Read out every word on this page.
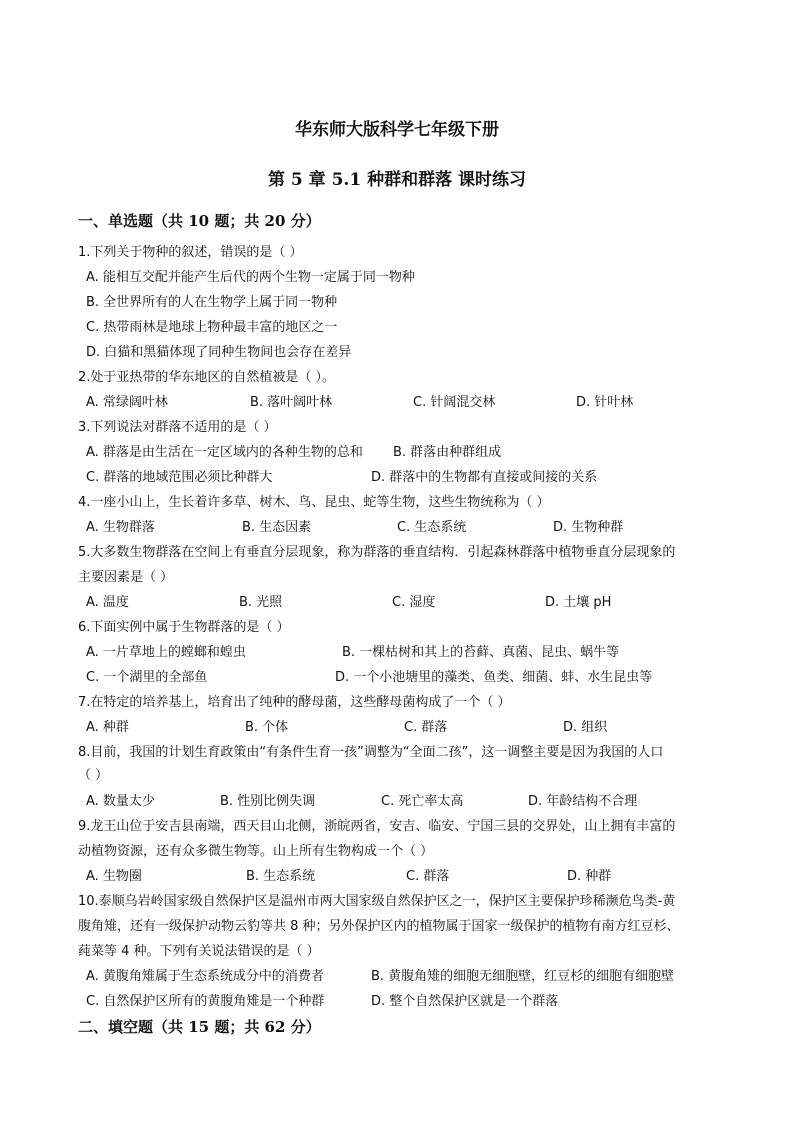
华东师大版科学七年级下册
第 5 章 5.1 种群和群落 课时练习
一、单选题（共 10 题；共 20 分）
1.下列关于物种的叙述，错误的是（ ）
A. 能相互交配并能产生后代的两个生物一定属于同一物种
B. 全世界所有的人在生物学上属于同一物种
C. 热带雨林是地球上物种最丰富的地区之一
D. 白猫和黑猫体现了同种生物间也会存在差异
2.处于亚热带的华东地区的自然植被是（ ）。
A. 常绿阔叶林	B. 落叶阔叶林	C. 针阔混交林	D. 针叶林
3.下列说法对群落不适用的是（ ）
A. 群落是由生活在一定区域内的各种生物的总和 B. 群落由种群组成
C. 群落的地域范围必须比种群大	D. 群落中的生物都有直接或间接的关系
4.一座小山上，生长着许多草、树木、鸟、昆虫、蛇等生物，这些生物统称为（ ）
A. 生物群落	B. 生态因素	C. 生态系统	D. 生物种群
5.大多数生物群落在空间上有垂直分层现象，称为群落的垂直结构．引起森林群落中植物垂直分层现象的
主要因素是（ ）
A. 温度	B. 光照	C. 湿度	D. 土壤 pH
6.下面实例中属于生物群落的是（ ）
A. 一片草地上的螳螂和蝗虫	B. 一棵枯树和其上的苔藓、真菌、昆虫、蜗牛等
C. 一个湖里的全部鱼	D. 一个小池塘里的藻类、鱼类、细菌、蚌、水生昆虫等
7.在特定的培养基上，培育出了纯种的酵母菌，这些酵母菌构成了一个（ ）
A. 种群	B. 个体	C. 群落	D. 组织
8.目前，我国的计划生育政策由“有条件生育一孩”调整为“全面二孩”，这一调整主要是因为我国的人口
（ ）
A. 数量太少	B. 性别比例失调	C. 死亡率太高	D. 年龄结构不合理
9.龙王山位于安吉县南端，西天目山北侧，浙皖两省，安吉、临安、宁国三县的交界处，山上拥有丰富的
动植物资源，还有众多微生物等。山上所有生物构成一个（ ）
A. 生物圈	B. 生态系统	C. 群落	D. 种群
10.泰顺乌岩岭国家级自然保护区是温州市两大国家级自然保护区之一，保护区主要保护珍稀濒危鸟类-黄
腹角雉，还有一级保护动物云豹等共 8 种；另外保护区内的植物属于国家一级保护的植物有南方红豆杉、
莼菜等 4 种。下列有关说法错误的是（ ）
A. 黄腹角雉属于生态系统成分中的消费者	B. 黄腹角雉的细胞无细胞壁，红豆杉的细胞有细胞壁
C. 自然保护区所有的黄腹角雉是一个种群	D. 整个自然保护区就是一个群落
二、填空题（共 15 题；共 62 分）
